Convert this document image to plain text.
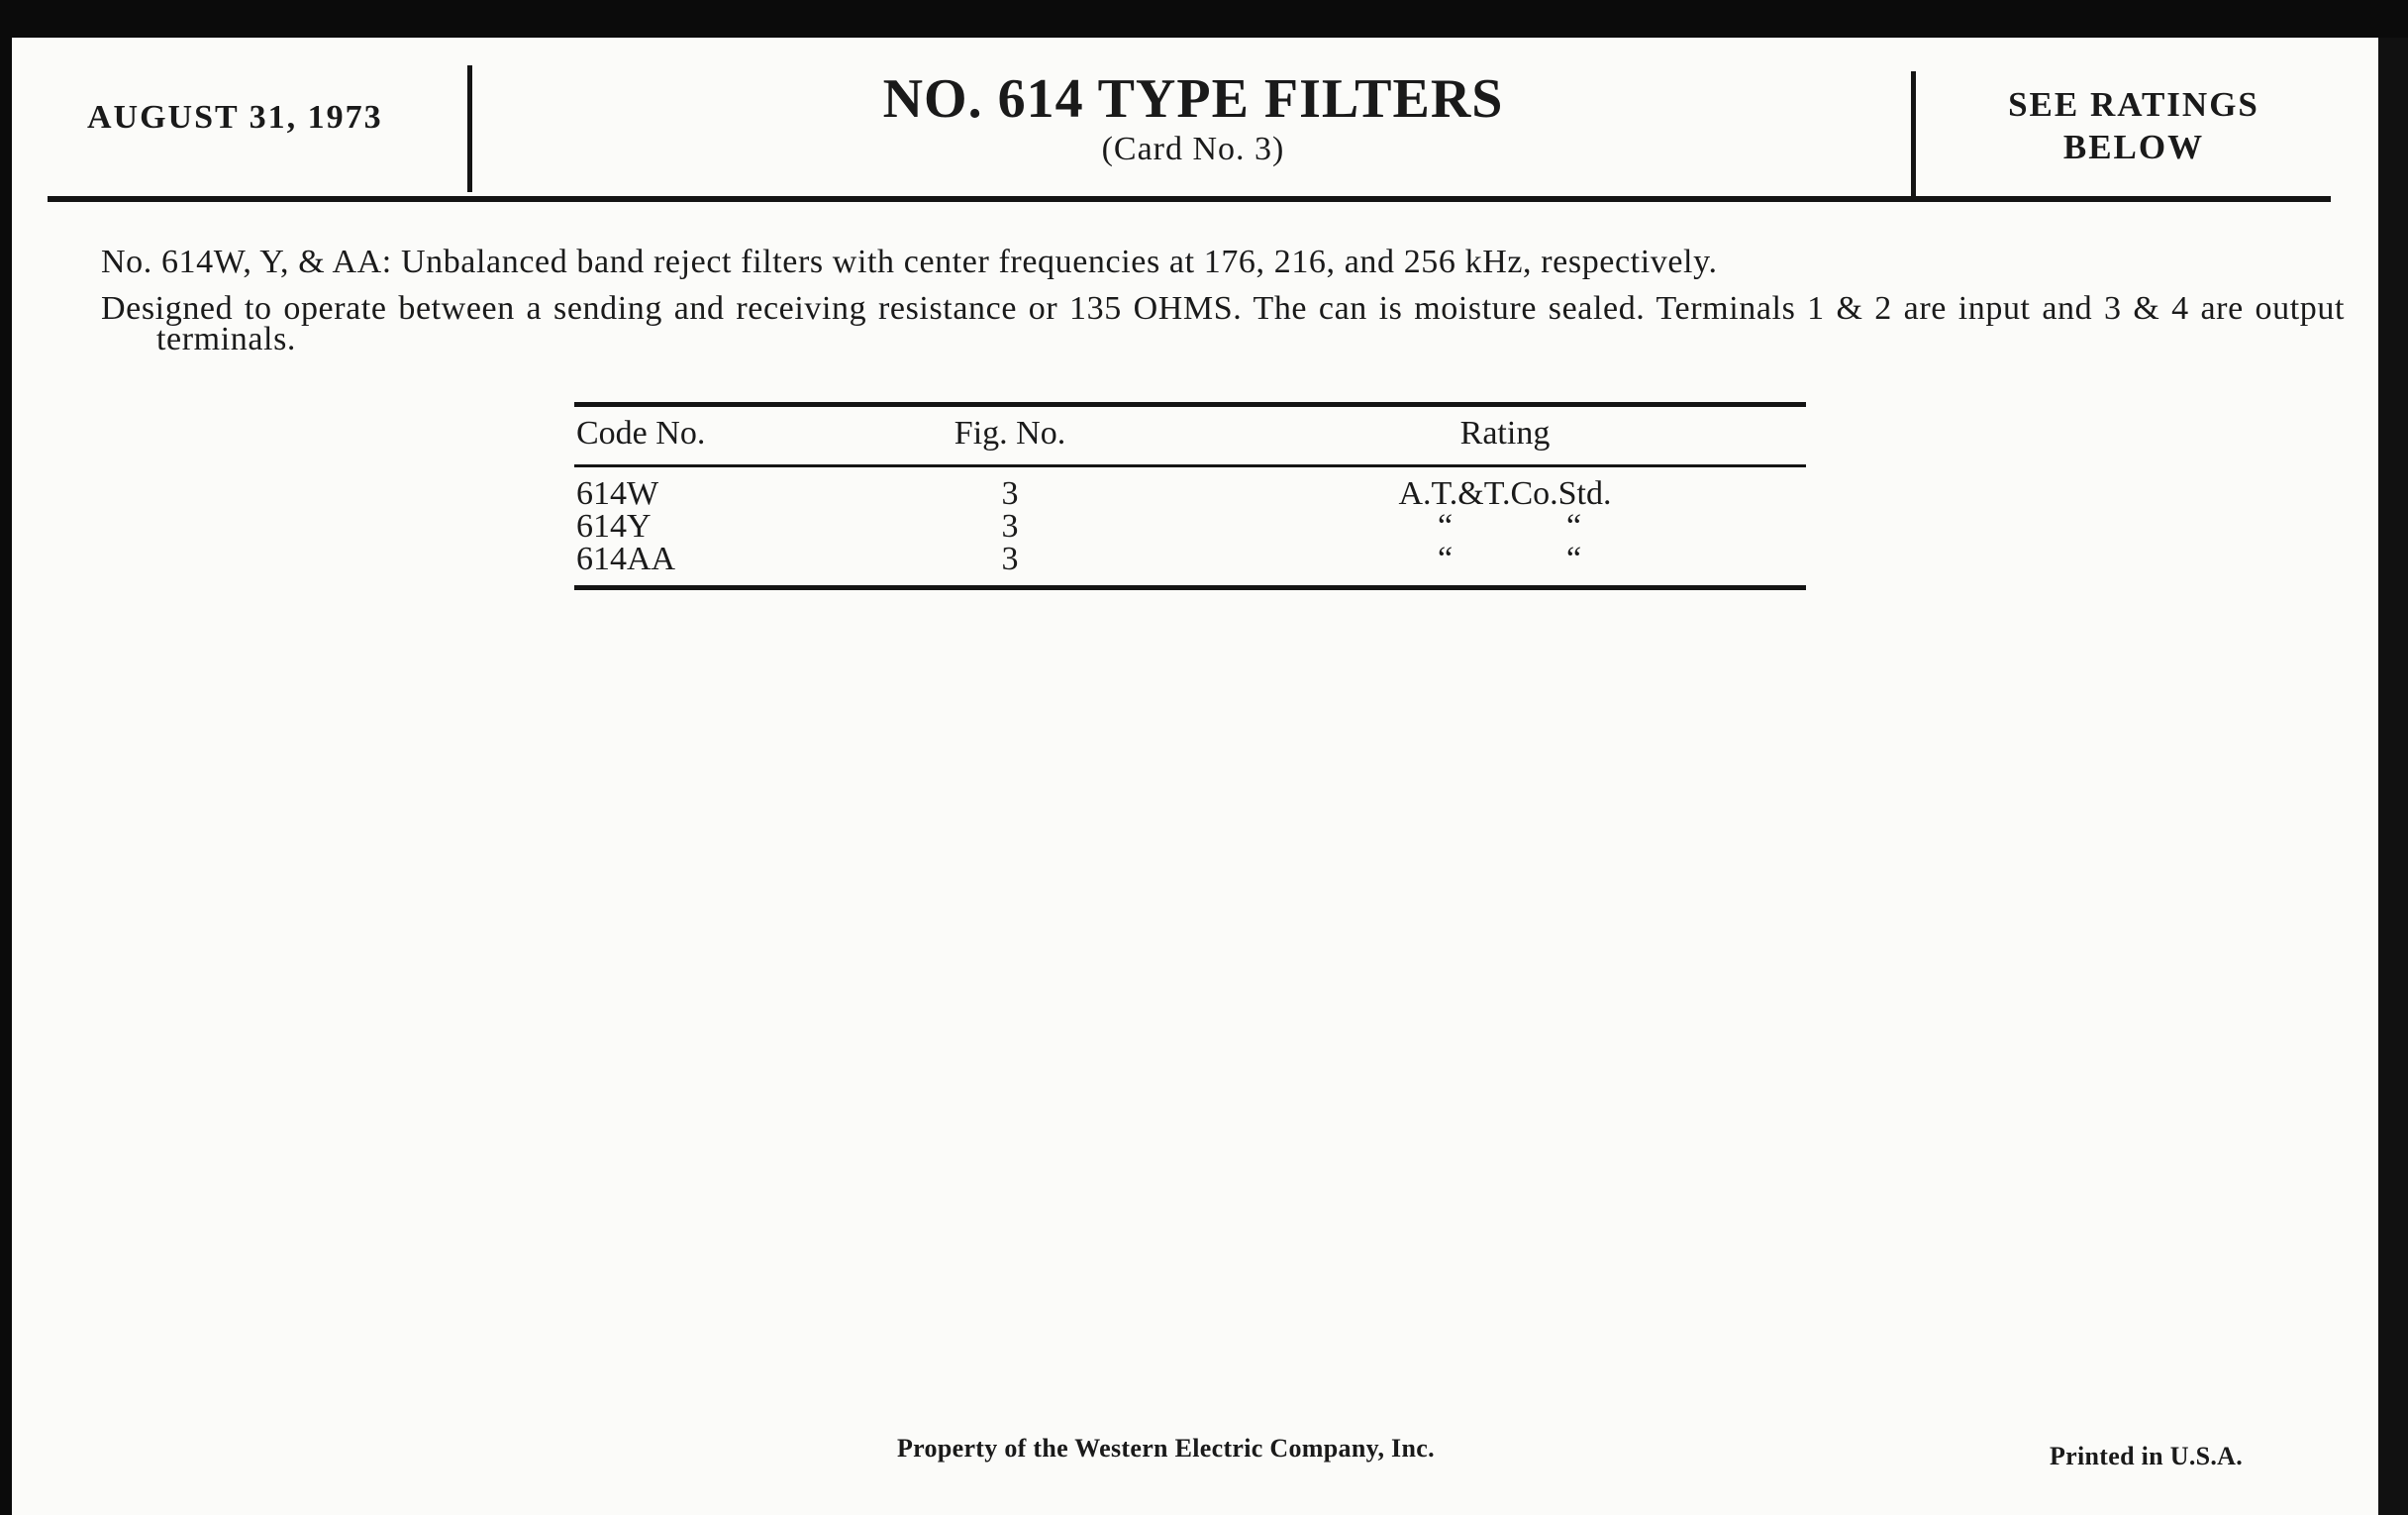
AUGUST 31, 1973	NO. 614 TYPE FILTERS
(Card No. 3)
SEE RATINGS
BELOW
No. 614W, Y, & AA: Unbalanced band reject filters with center frequencies at 176, 216, and 256 kHz, respectively.
Designed to operate between a sending and receiving resistance or 135 OHMS. The can is moisture sealed. Terminals 1 & 2 are input and 3 & 4 are output terminals.
Code No.	Fig. No.	Rating
614W	3	A.T.&T.Co.Std.
614Y	3	“	“
614AA	3	“	“
Property of the Western Electric Company, Inc.	Printed in U.S.A.
